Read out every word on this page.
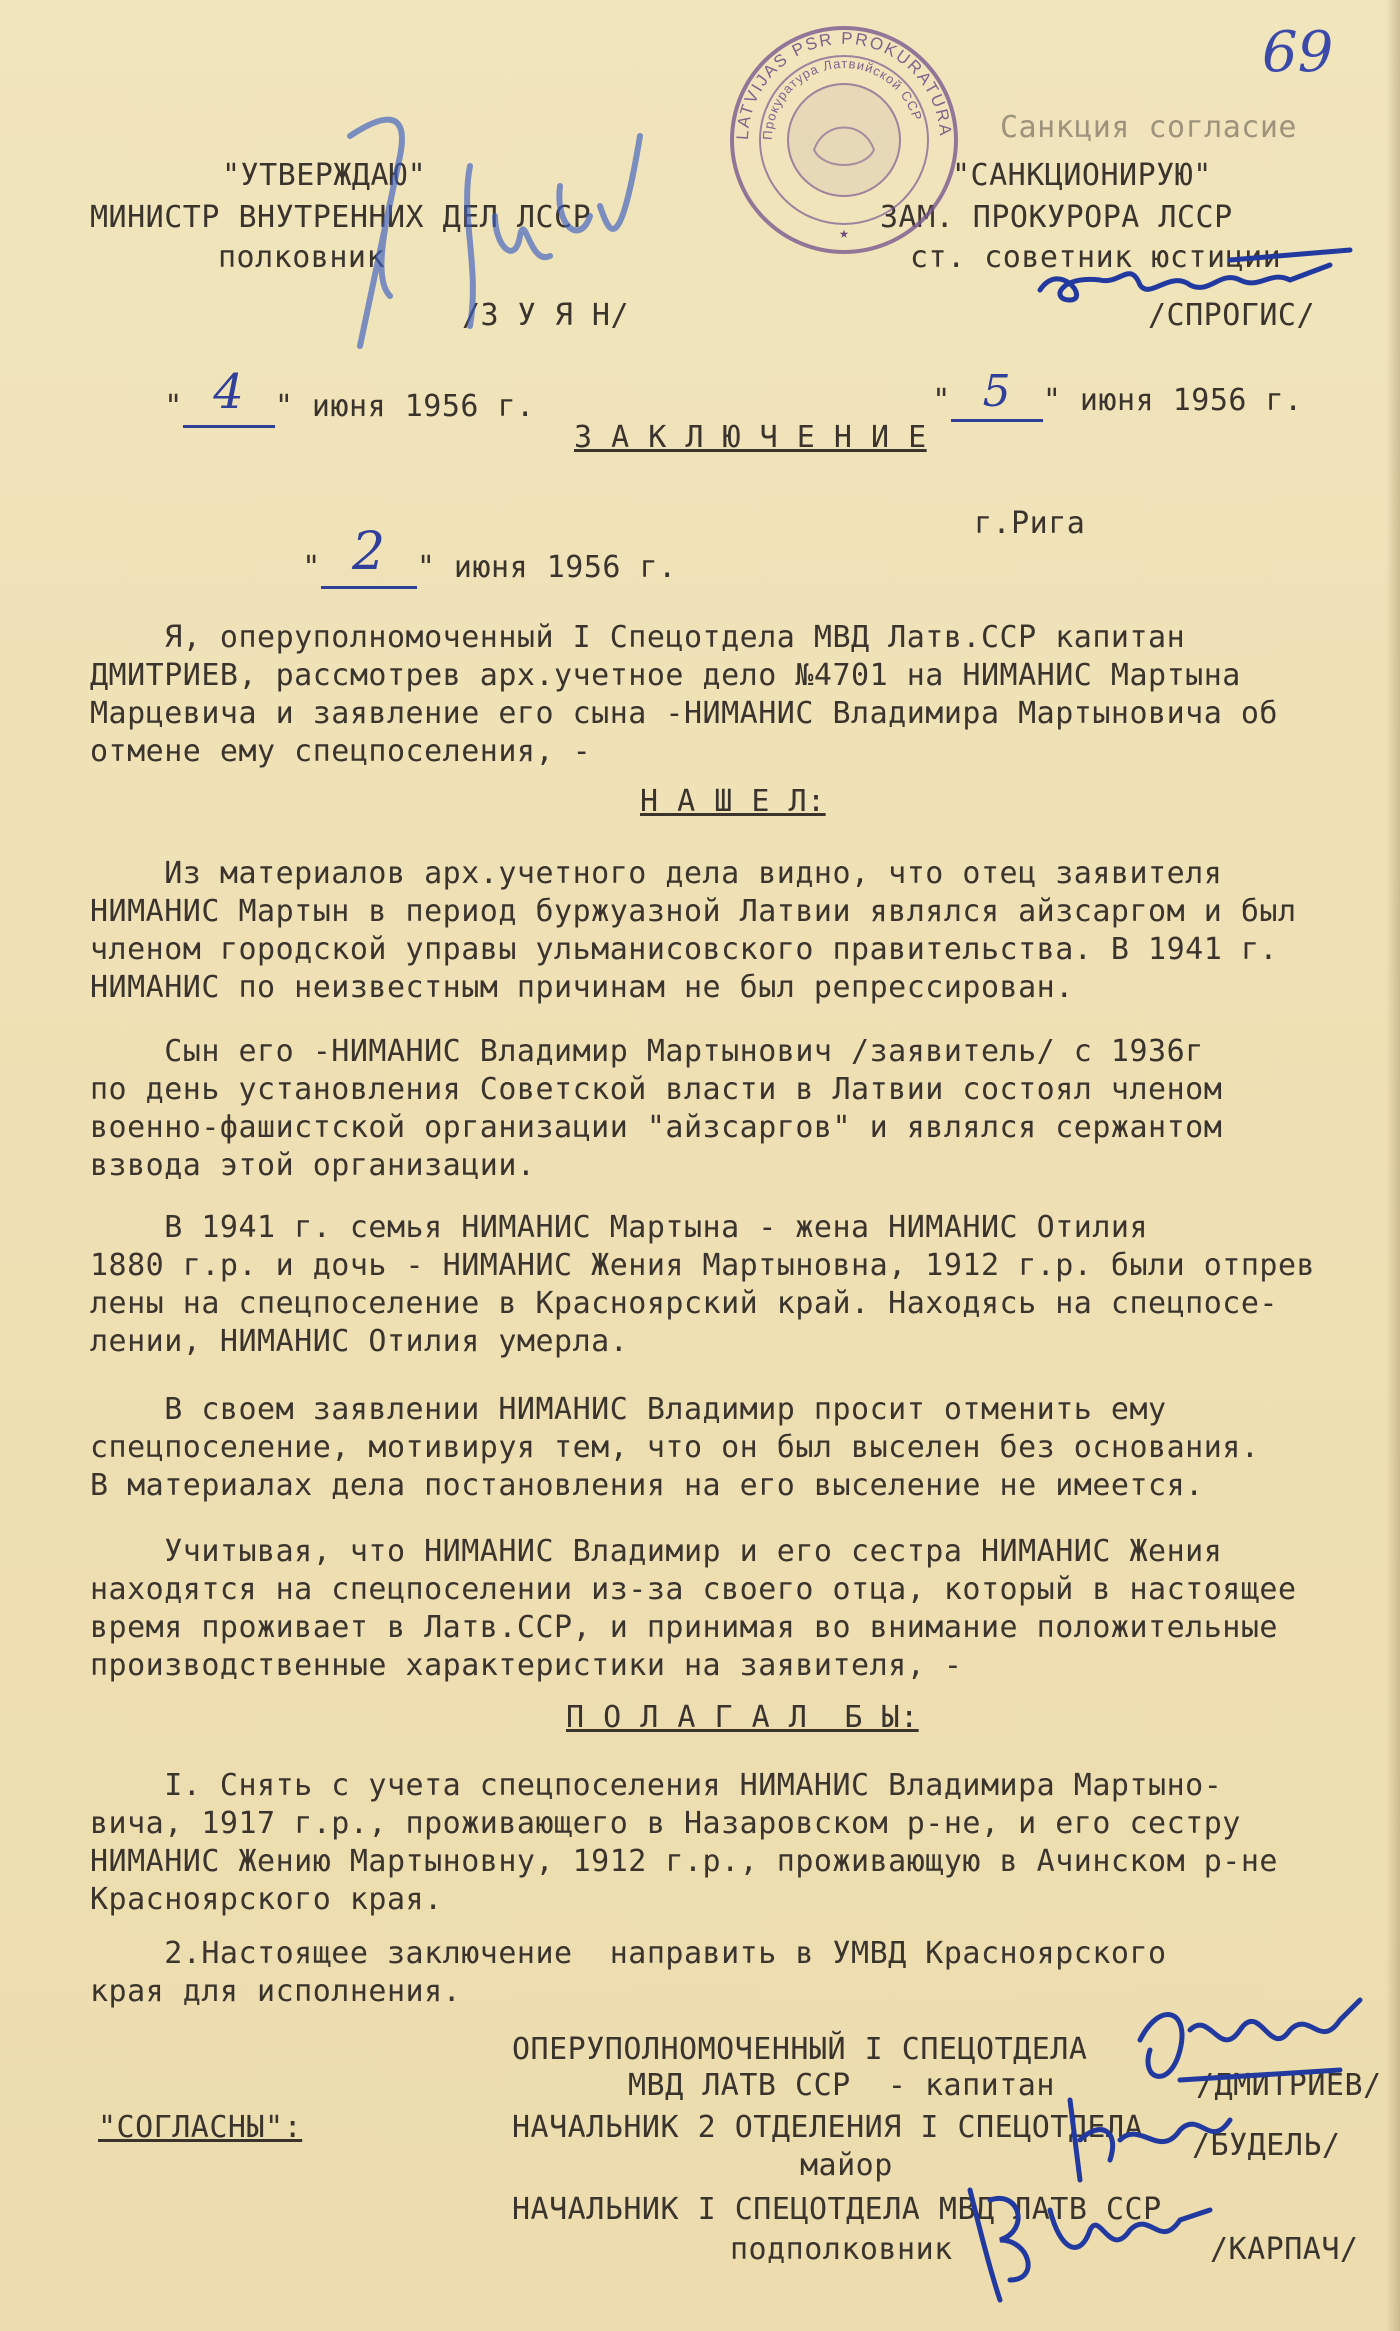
69
"УТВЕРЖДАЮ"
МИНИСТР ВНУТРЕННИХ ДЕЛ ЛССР
полковник
/З У Я Н/

" 4 " июня 1956 г.

Санкция согласие
"САНКЦИОНИРУЮ"
ЗАМ. ПРОКУРОРА ЛССР
ст. советник юстиции
/СПРОГИС/

" 5 " июня 1956 г.

LATVIJAS PSR PROKURATURA
Прокуратура Латвийской ССР
★
З А К Л Ю Ч Е Н И Е

" 2 " июня 1956 г.

г.Рига
Я, оперуполномоченный I Спецотдела МВД Латв.ССР капитан
ДМИТРИЕВ, рассмотрев арх.учетное дело №4701 на НИМАНИС Мартына
Марцевича и заявление его сына -НИМАНИС Владимира Мартыновича об
отмене ему спецпоселения, -
Н А Ш Е Л:
Из материалов арх.учетного дела видно, что отец заявителя
НИМАНИС Мартын в период буржуазной Латвии являлся айзсаргом и был
членом городской управы ульманисовского правительства. В 1941 г.
НИМАНИС по неизвестным причинам не был репрессирован.
Сын его -НИМАНИС Владимир Мартынович /заявитель/ с 1936г
по день установления Советской власти в Латвии состоял членом
военно-фашистской организации "айзсаргов" и являлся сержантом
взвода этой организации.
В 1941 г. семья НИМАНИС Мартына - жена НИМАНИС Отилия
1880 г.р. и дочь - НИМАНИС Жения Мартыновна, 1912 г.р. были отпрев
лены на спецпоселение в Красноярский край. Находясь на спецпосе-
лении, НИМАНИС Отилия умерла.
В своем заявлении НИМАНИС Владимир просит отменить ему
спецпоселение, мотивируя тем, что он был выселен без основания.
В материалах дела постановления на его выселение не имеется.
Учитывая, что НИМАНИС Владимир и его сестра НИМАНИС Жения
находятся на спецпоселении из-за своего отца, который в настоящее
время проживает в Латв.ССР, и принимая во внимание положительные
производственные характеристики на заявителя, -
П О Л А Г А Л  Б Ы:
I. Снять с учета спецпоселения НИМАНИС Владимира Мартыно-
вича, 1917 г.р., проживающего в Назаровском р-не, и его сестру
НИМАНИС Жению Мартыновну, 1912 г.р., проживающую в Ачинском р-не
Красноярского края.
2.Настоящее заключение  направить в УМВД Красноярского
края для исполнения.
ОПЕРУПОЛНОМОЧЕННЫЙ I СПЕЦОТДЕЛА
МВД ЛАТВ ССР  - капитан	/ДМИТРИЕВ/
"СОГЛАСНЫ":	НАЧАЛЬНИК 2 ОТДЕЛЕНИЯ I СПЕЦОТДЕЛА
майор
/БУДЕЛЬ/
НАЧАЛЬНИК I СПЕЦОТДЕЛА МВД ЛАТВ ССР
подполковник	/КАРПАЧ/
